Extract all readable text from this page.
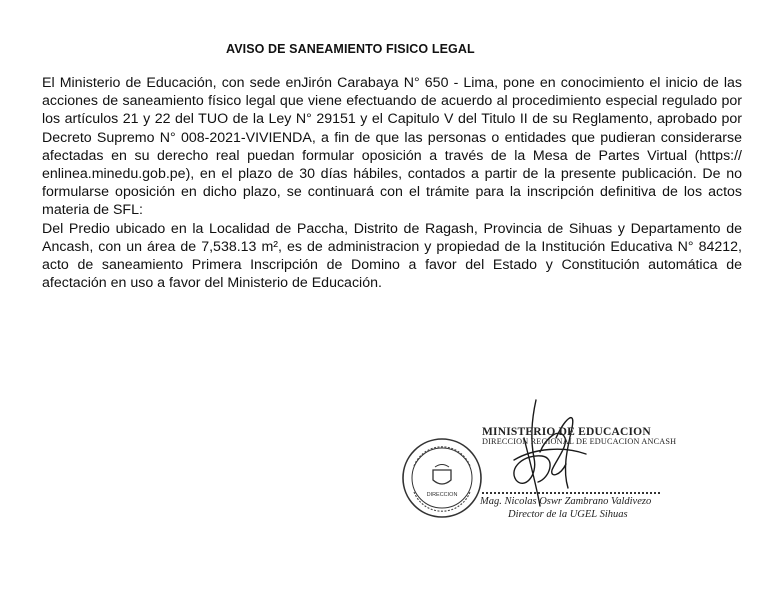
AVISO DE SANEAMIENTO FISICO LEGAL

El Ministerio de Educación, con sede enJirón Carabaya N° 650 - Lima, pone en conocimiento el inicio de las acciones de saneamiento físico legal que viene efectuando de acuerdo al procedimiento especial regulado por los artículos 21 y 22 del TUO de la Ley N° 29151 y el Capitulo V del Titulo II de su Reglamento, aprobado por Decreto Supremo N° 008-2021-VIVIENDA, a fin de que las personas o entidades que pudieran considerarse afectadas en su derecho real puedan formular oposición a través de la Mesa de Partes Virtual (https:// enlinea.minedu.gob.pe), en el plazo de 30 días hábiles, contados a partir de la presente publicación. De no formularse oposición en dicho plazo, se continuará con el trámite para la inscripción definitiva de los actos materia de SFL:

Del Predio ubicado en la Localidad de Paccha, Distrito de Ragash, Provincia de Sihuas y Departamento de Ancash, con un área de 7,538.13 m², es de administracion y propiedad de la Institución Educativa N° 84212, acto de saneamiento Primera Inscripción de Domino a favor del Estado y Constitución automática de afectación en uso a favor del Ministerio de Educación.

DIRECCION
MINISTERIO DE EDUCACION
DIRECCION REGIONAL DE EDUCACION ANCASH
Mag. Nicolas Oswr Zambrano Valdivezo
Director de la UGEL Sihuas
